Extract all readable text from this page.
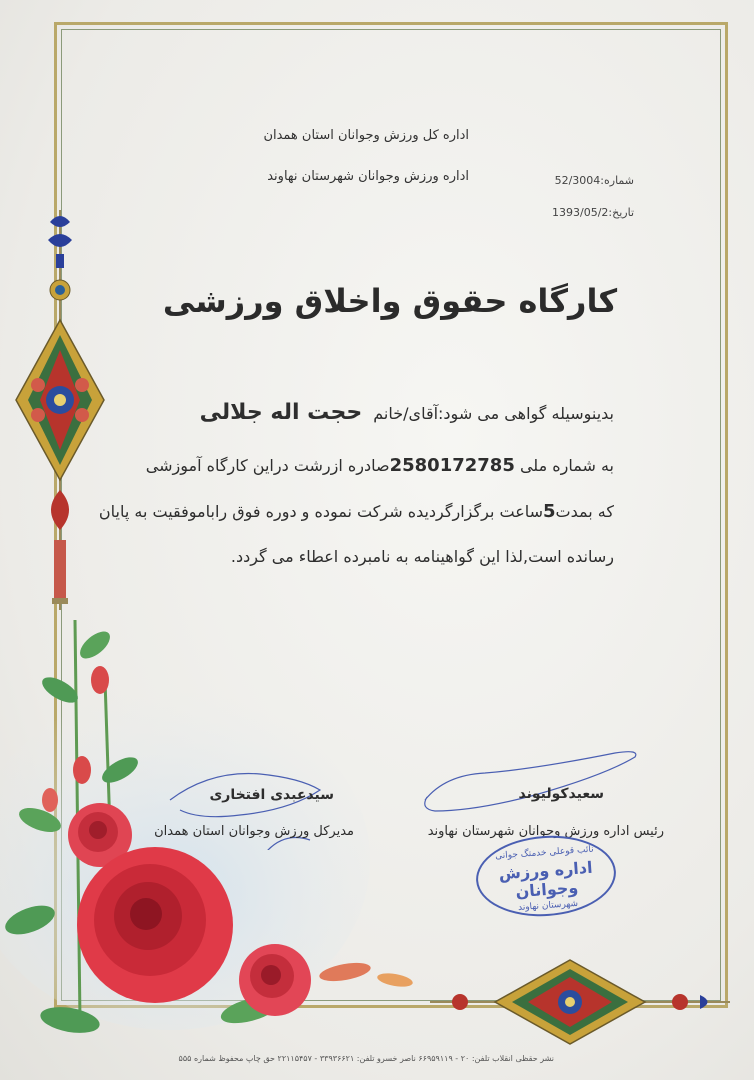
اداره کل ورزش وجوانان استان همدان
اداره ورزش وجوانان شهرستان نهاوند	شماره:52/3004
تاریخ:1393/05/2
کارگاه حقوق واخلاق ورزشی
بدینوسیله گواهی می شود:آقای/خانم حجت اله جلالی
به شماره ملی 2580172785صادره ازرشت دراین کارگاه آموزشی
که بمدت5ساعت برگزارگردیده شرکت نموده و دوره فوق راباموفقیت به پایان
رسانده است,لذا این گواهینامه به نامبرده اعطاء می گردد.
سعیدکولیوند
رئیس اداره ورزش وجوانان شهرستان نهاوند
سیدعبدی افتخاری
مدیرکل ورزش وجوانان استان همدان
نائب قوعلی خدمتگ جوانی
اداره ورزش وجوانان
شهرستان نهاوند
نشر حقظی انقلاب تلفن: ۲۰ - ۶۶۹۵۹۱۱۹ ناصر خسرو تلفن: ۳۳۹۳۶۶۲۱ - ۲۲۱۱۵۴۵۷ حق چاپ محفوظ شماره ۵۵۵
